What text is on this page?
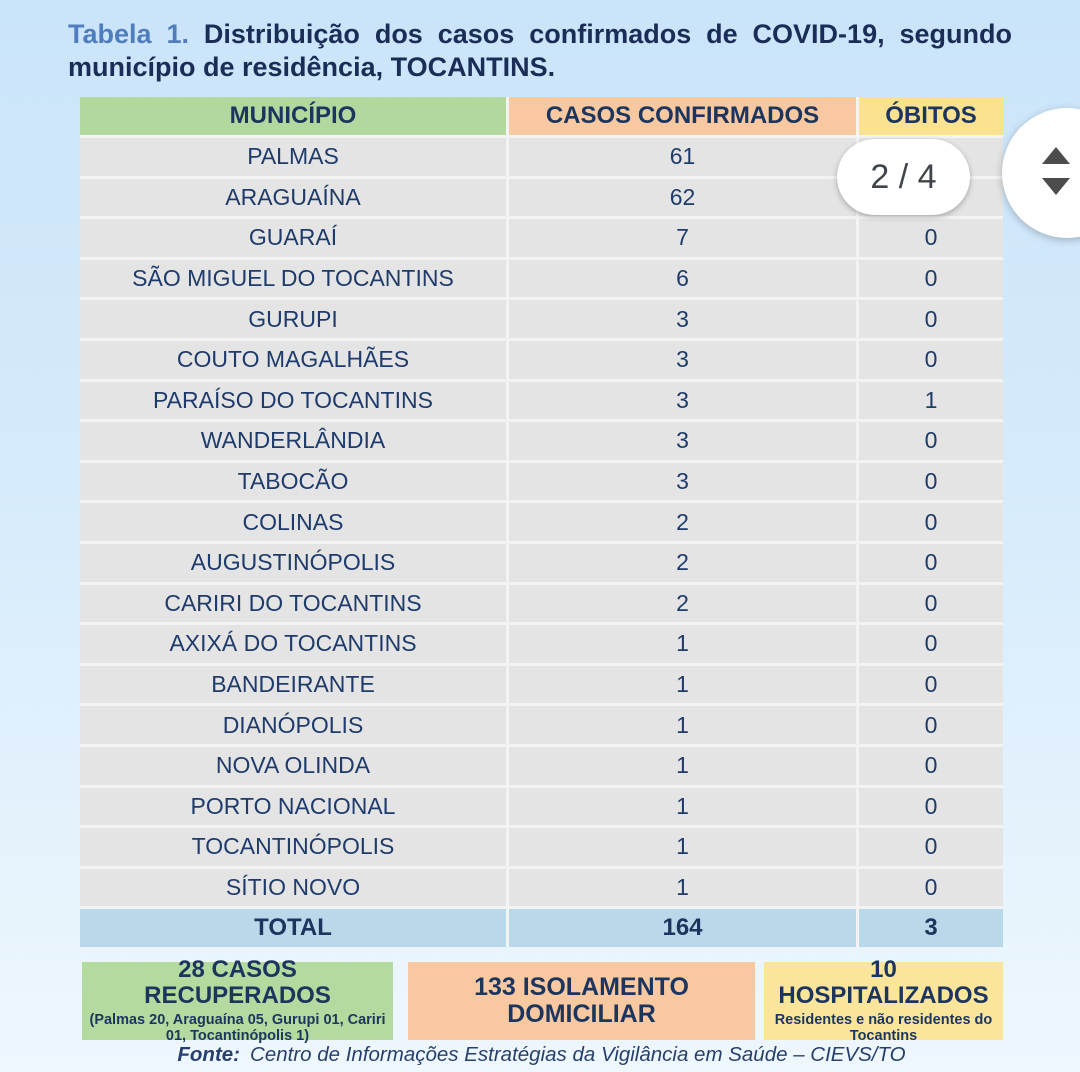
Tabela 1. Distribuição dos casos confirmados de COVID-19, segundo município de residência, TOCANTINS.
MUNICÍPIO	CASOS CONFIRMADOS	ÓBITOS
PALMAS	61
ARAGUAÍNA	62
GUARAÍ	7	0
SÃO MIGUEL DO TOCANTINS	6	0
GURUPI	3	0
COUTO MAGALHÃES	3	0
PARAÍSO DO TOCANTINS	3	1
WANDERLÂNDIA	3	0
TABOCÃO	3	0
COLINAS	2	0
AUGUSTINÓPOLIS	2	0
CARIRI DO TOCANTINS	2	0
AXIXÁ DO TOCANTINS	1	0
BANDEIRANTE	1	0
DIANÓPOLIS	1	0
NOVA OLINDA	1	0
PORTO NACIONAL	1	0
TOCANTINÓPOLIS	1	0
SÍTIO NOVO	1	0
TOTAL	164	3
28 CASOS RECUPERADOS
(Palmas 20, Araguaína 05, Gurupi 01, Cariri 01, Tocantinópolis 1)
133 ISOLAMENTO DOMICILIAR
10 HOSPITALIZADOS
Residentes e não residentes do Tocantins
Fonte: Centro de Informações Estratégias da Vigilância em Saúde – CIEVS/TO
2 / 4
